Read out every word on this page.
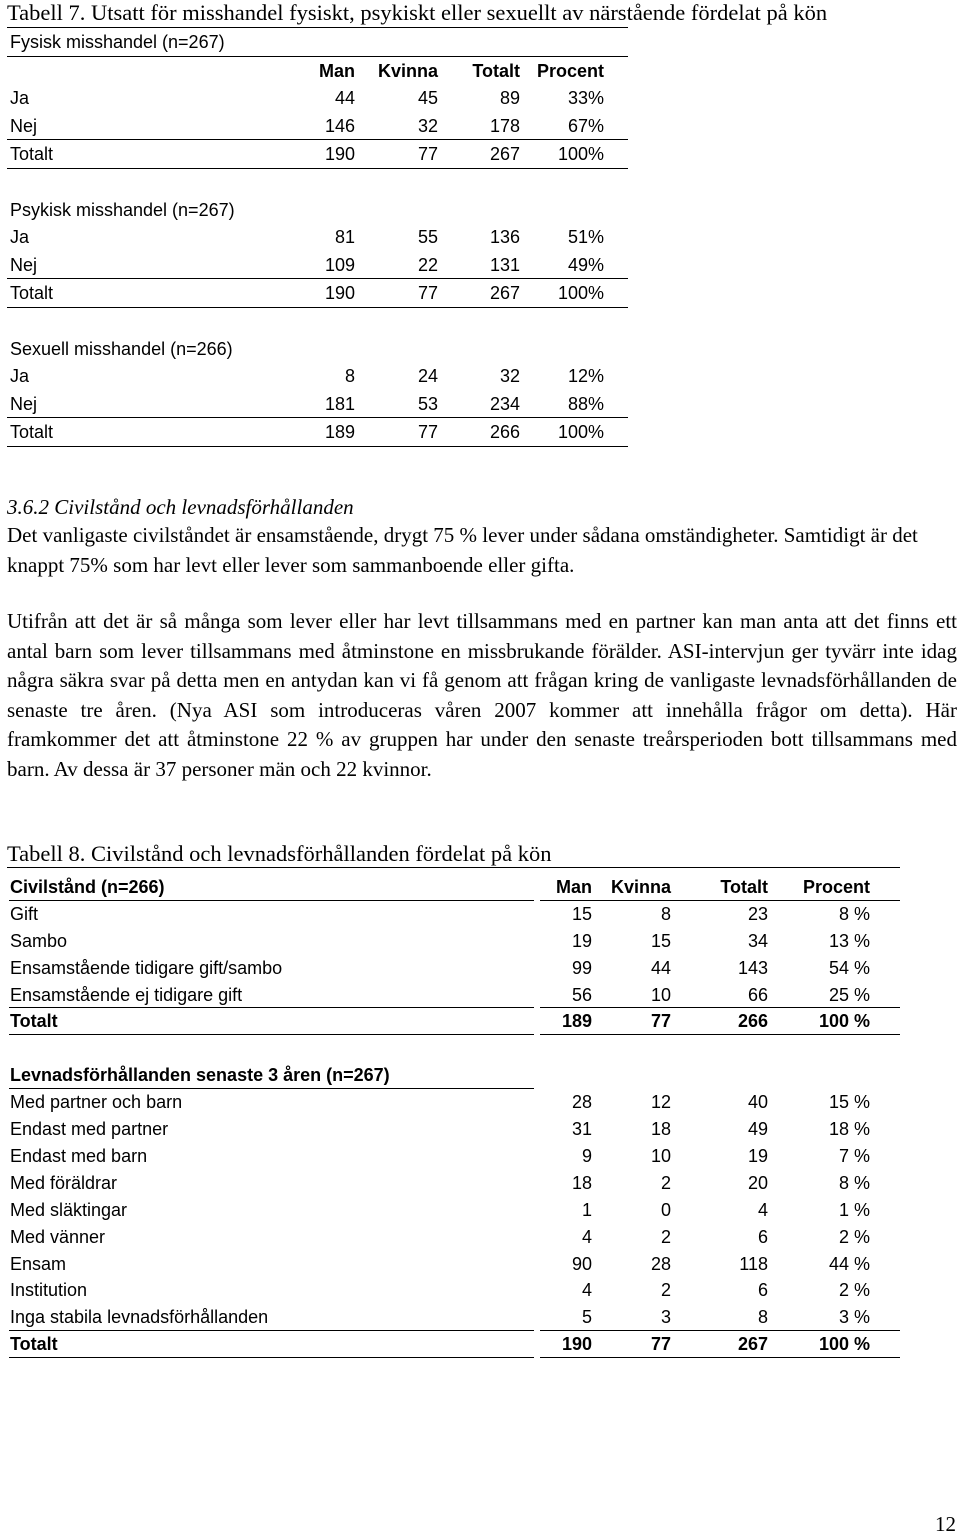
Tabell 7. Utsatt för misshandel fysiskt, psykiskt eller sexuellt av närstående fördelat på kön
Fysisk misshandel (n=267)
Man Kvinna Totalt Procent
Ja	44	45	89	33%
Nej	146	32	178	67%
Totalt	190	77	267 100%
Psykisk misshandel (n=267)
Ja	81	55	136	51%
Nej	109	22	131	49%
Totalt	190	77	267 100%
Sexuell misshandel (n=266)
Ja	8	24	32	12%
Nej	181	53	234	88%
Totalt	189	77	266 100%
3.6.2 Civilstånd och levnadsförhållanden
Det vanligaste civilståndet är ensamstående, drygt 75 % lever under sådana omständigheter. Samtidigt är det knappt 75% som har levt eller lever som sammanboende eller gifta.
Utifrån att det är så många som lever eller har levt tillsammans med en partner kan man anta att det finns ett antal barn som lever tillsammans med åtminstone en missbrukande förälder. ASI-intervjun ger tyvärr inte idag några säkra svar på detta men en antydan kan vi få genom att frågan kring de vanligaste levnadsförhållanden de senaste tre åren. (Nya ASI som introduceras våren 2007 kommer att innehålla frågor om detta). Här framkommer det att åtminstone 22 % av gruppen har under den senaste treårsperioden bott tillsammans med barn. Av dessa är 37 personer män och 22 kvinnor.
Tabell 8. Civilstånd och levnadsförhållanden fördelat på kön
Civilstånd (n=266)	Man Kvinna	Totalt Procent
Gift	15	8	23	8 %
Sambo	19	15	34	13 %
Ensamstående tidigare gift/sambo	99	44	143	54 %
Ensamstående ej tidigare gift	56	10	66	25 %
Totalt	189	77	266	100 %
Levnadsförhållanden senaste 3 åren (n=267)
Med partner och barn	28	12	40	15 %
Endast med partner	31	18	49	18 %
Endast med barn	9	10	19	7 %
Med föräldrar	18	2	20	8 %
Med släktingar	1	0	4	1 %
Med vänner	4	2	6	2 %
Ensam	90	28	118	44 %
Institution	4	2	6	2 %
Inga stabila levnadsförhållanden	5	3	8	3 %
Totalt	190	77	267	100 %
12
